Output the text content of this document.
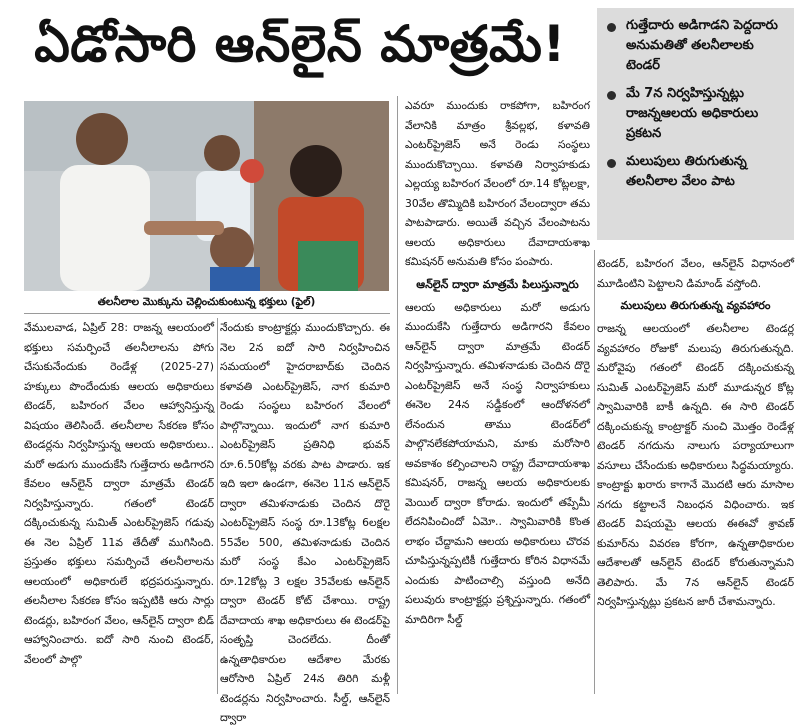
ఏడోసారి ఆన్‌లైన్ మాత్రమే!	గుత్తేదారు అడిగాడని పెద్దదారు అనుమతితో తలనీలాలకు టెండర్
మే 7న నిర్వహిస్తున్నట్లు రాజన్నఆలయ అధికారులు ప్రకటన
మలుపులు తిరుగుతున్న తలనీలాల వేలం పాట
తలనీలాల మొక్కును చెల్లించుకుంటున్న భక్తులు (ఫైల్)

వేములవాడ, ఏప్రిల్ 28: రాజన్న ఆలయంలో భక్తులు సమర్పించే తలనీలాలను పోగు చేసుకునేందుకు రెండేళ్ల (2025-27) హక్కులు పొందేందుకు ఆలయ అధికారులు టెండర్, బహిరంగ వేలం ఆహ్వానిస్తున్న విషయం తెలిసిందే. తలనీలాల సేకరణ కోసం టెండర్లను నిర్వహిస్తున్న ఆలయ అధికారులు.. మరో అడుగు ముందుకేసి గుత్తేదారు అడిగారని కేవలం ఆన్‌లైన్ ద్వారా మాత్రమే టెండర్ నిర్వహిస్తున్నారు. గతంలో టెండర్ దక్కించుకున్న సుమిత్ ఎంటర్‌ప్రైజెస్ గడువు ఈ నెల ఏప్రిల్ 11వ తేదీతో ముగిసింది. ప్రస్తుతం భక్తులు సమర్పించే తలనీలాలను ఆలయంలో అధికారులే భద్రపరుస్తున్నారు. తలనీలాల సేకరణ కోసం ఇప్పటికి ఆరు సార్లు టెండర్లు, బహిరంగ వేలం, ఆన్‌లైన్ ద్వారా బిడ్ ఆహ్వానించారు. ఐదో సారి నుంచి టెండర్, వేలంలో పాల్గొ

నేందుకు కాంట్రాక్టర్లు ముందుకొచ్చారు. ఈ నెల 2న ఐదో సారి నిర్వహించిన సమయంలో హైదరాబాద్‌కు చెందిన కళావతి ఎంటర్‌ప్రైజెస్, నాగ కుమారి రెండు సంస్థలు బహిరంగ వేలంలో పాల్గొన్నాయి. ఇందులో నాగ కుమారి ఎంటర్‌ప్రైజెస్ ప్రతినిధి భువన్ రూ.6.50కోట్ల వరకు పాట పాడారు. ఇక ఇది ఇలా ఉండగా, ఈనెల 11న ఆన్‌లైన్ ద్వారా తమిళనాడుకు చెందిన దొరై ఎంటర్‌ప్రైజెస్ సంస్థ రూ.13కోట్ల 6లక్షల 55వేల 500, తమిళనాడుకు చెందిన మరో సంస్థ కేఎం ఎంటర్‌ప్రైజెస్ రూ.12కోట్ల 3 లక్షల 35వేలకు ఆన్‌లైన్ ద్వారా టెండర్ కోట్ చేశాయి. రాష్ట్ర దేవాదాయ శాఖ అధికారులు ఈ టెండర్‌పై సంతృప్తి చెందలేదు. దీంతో ఉన్నతాధికారుల ఆదేశాల మేరకు ఆరోసారి ఏప్రిల్ 24న తిరిగి మళ్లీ టెండర్లను నిర్వహించారు. సీల్డ్, ఆన్‌లైన్ ద్వారా

ఎవరూ ముందుకు రాకపోగా, బహిరంగ వేలానికి మాత్రం శ్రీవల్లభ, కళావతి ఎంటర్‌ప్రైజెస్ అనే రెండు సంస్థలు ముందుకొచ్చాయి. కళావతి నిర్వాహకుడు ఎల్లయ్య బహిరంగ వేలంలో రూ.14 కోట్లలక్షా, 30వేల తొమ్మిదికి బహిరంగ వేలంద్వారా తమ పాటపాడారు. అయితే వచ్చిన వేలంపాటను ఆలయ అధికారులు దేవాదాయశాఖ కమిషనర్ అనుమతి కోసం పంపారు.

ఆన్‌లైన్ ద్వారా మాత్రమే పిలుస్తున్నారు

ఆలయ అధికారులు మరో అడుగు ముందుకేసి గుత్తేదారు అడిగారని కేవలం ఆన్‌లైన్ ద్వారా మాత్రమే టెండర్ నిర్వహిస్తున్నారు. తమిళనాడుకు చెందిన దొరై ఎంటర్‌ప్రైజెస్ అనే సంస్థ నిర్వాహకులు ఈనెల 24న సడ్డీకంలో ఆందోళనలో లేనందున తాము టెండర్‌లో పాల్గొనలేకపోయామని, మాకు మరోసారి అవకాశం కల్పించాలని రాష్ట్ర దేవాదాయశాఖ కమిషనర్, రాజన్న ఆలయ అధికారులకు మెయిల్ ద్వారా కోరాడు. ఇందులో తప్పేమీ లేదనిపించిందో ఏమో.. స్వామివారికి కొంత లాభం చేద్దామని ఆలయ అధికారులు చొరవ చూపిస్తున్నప్పటికీ గుత్తేదారు కోరిన విధానమే ఎందుకు పాటించాల్సి వస్తుంది అనేది పలువురు కాంట్రాక్టర్లు ప్రశ్నిస్తున్నారు. గతంలో మాదిరిగా సీల్డ్

టెండర్, బహిరంగ వేలం, ఆన్‌లైన్ విధానంలో మూడింటిని పెట్టాలని డిమాండ్ వస్తోంది.

మలుపులు తిరుగుతున్న వ్యవహారం

రాజన్న ఆలయంలో తలనీలాల టెండర్ల వ్యవహారం రోజుకో మలుపు తిరుగుతున్నది. మరోవైపు గతంలో టెండర్ దక్కించుకున్న సుమిత్ ఎంటర్‌ప్రైజెస్ మరో మూడున్నర కోట్ల స్వామివారికి బాకీ ఉన్నది. ఈ సారి టెండర్ దక్కించుకున్న కాంట్రాక్టర్ నుంచి మొత్తం రెండేళ్ల టెండర్ నగదును నాలుగు పర్యాయాలుగా వసూలు చేసేందుకు అధికారులు సిద్ధమయ్యారు. కాంట్రాక్టు ఖరారు కాగానే మొదటి ఆరు మాసాల నగదు కట్టాలనే నిబంధన విధించారు. ఇక టెండర్ విషయమై ఆలయ ఈఈవో శ్రావణ్ కుమార్‌ను వివరణ కోరగా, ఉన్నతాధికారుల ఆదేశాలతో ఆన్‌లైన్ టెండర్ కోరుతున్నామని తెలిపారు. మే 7న ఆన్‌లైన్ టెండర్ నిర్వహిస్తున్నట్లు ప్రకటన జారీ చేశామన్నారు.
